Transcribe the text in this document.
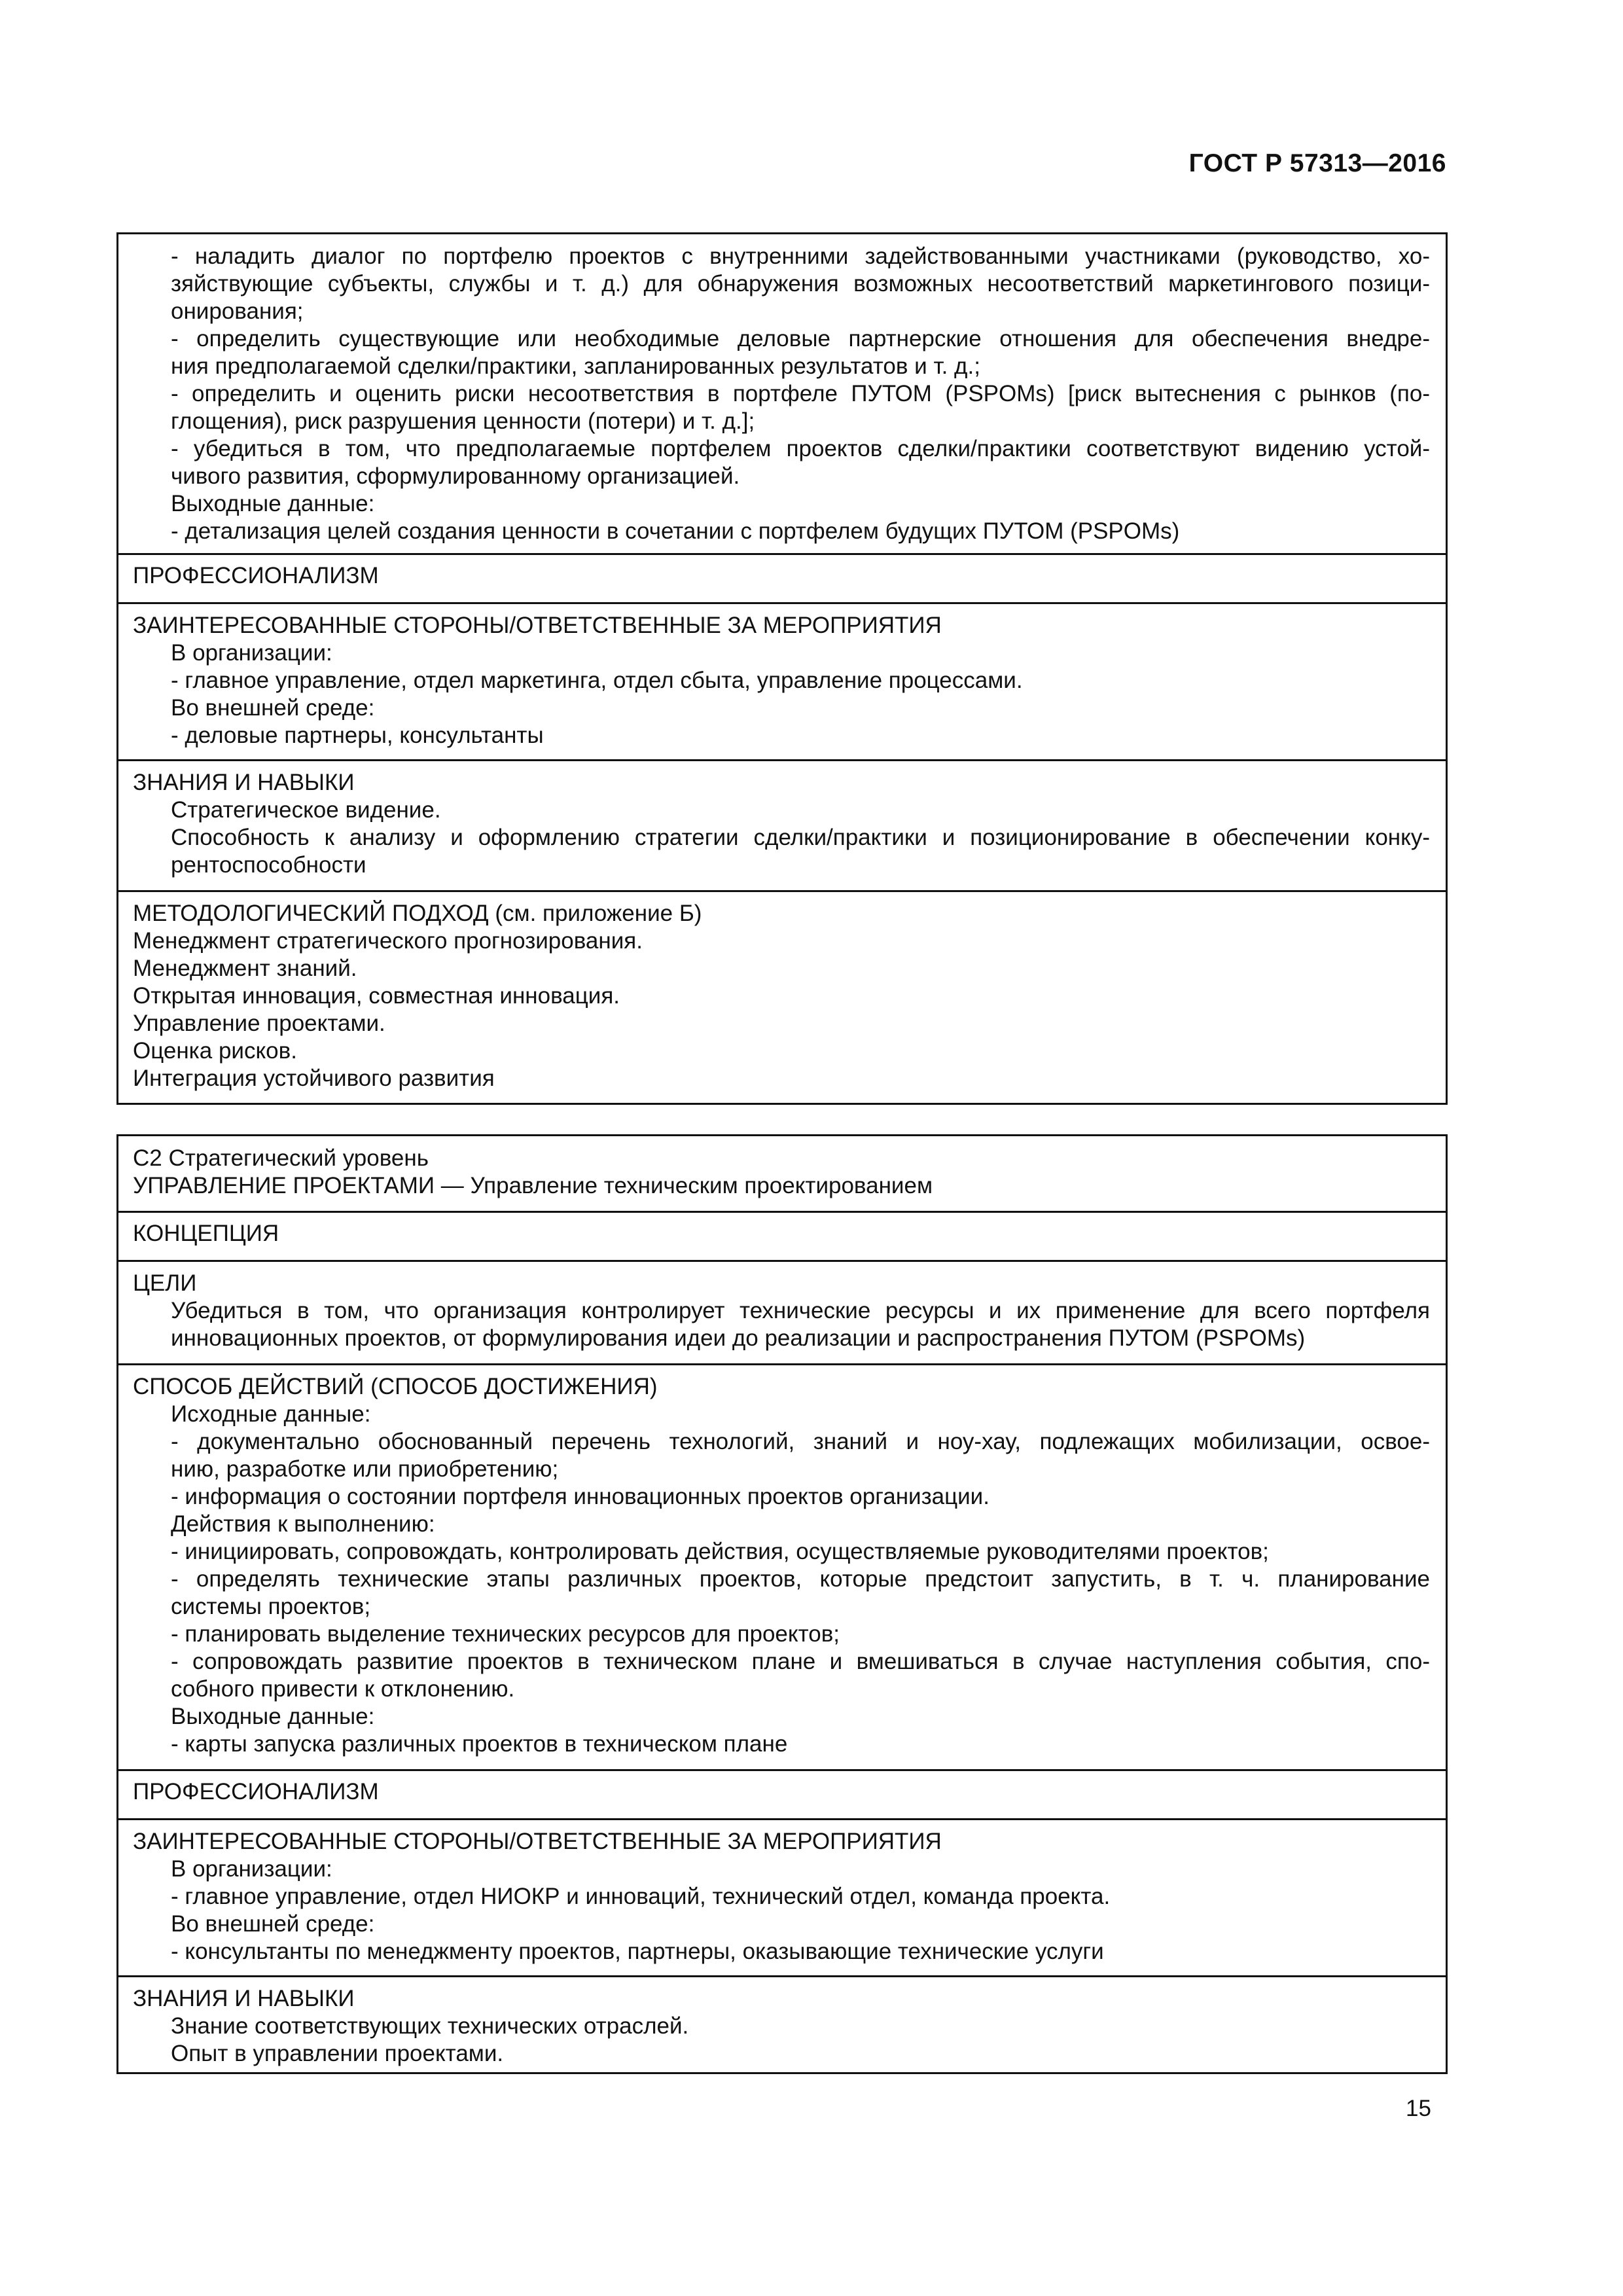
ГОСТ Р 57313—2016
- наладить диалог по портфелю проектов с внутренними задействованными участниками (руководство, хо-
зяйствующие субъекты, службы и т. д.) для обнаружения возможных несоответствий маркетингового позици-
онирования;
- определить существующие или необходимые деловые партнерские отношения для обеспечения внедре-
ния предполагаемой сделки/практики, запланированных результатов и т. д.;
- определить и оценить риски несоответствия в портфеле ПУТОМ (PSPOMs) [риск вытеснения с рынков (по-
глощения), риск разрушения ценности (потери) и т. д.];
- убедиться в том, что предполагаемые портфелем проектов сделки/практики соответствуют видению устой-
чивого развития, сформулированному организацией.
Выходные данные:
- детализация целей создания ценности в сочетании с портфелем будущих ПУТОМ (PSPOMs)
ПРОФЕССИОНАЛИЗМ
ЗАИНТЕРЕСОВАННЫЕ СТОРОНЫ/ОТВЕТСТВЕННЫЕ ЗА МЕРОПРИЯТИЯ
В организации:
- главное управление, отдел маркетинга, отдел сбыта, управление процессами.
Во внешней среде:
- деловые партнеры, консультанты
ЗНАНИЯ И НАВЫКИ
Стратегическое видение.
Способность к анализу и оформлению стратегии сделки/практики и позиционирование в обеспечении конку-
рентоспособности
МЕТОДОЛОГИЧЕСКИЙ ПОДХОД (см. приложение Б)
Менеджмент стратегического прогнозирования.
Менеджмент знаний.
Открытая инновация, совместная инновация.
Управление проектами.
Оценка рисков.
Интеграция устойчивого развития
С2 Стратегический уровень
УПРАВЛЕНИЕ ПРОЕКТАМИ — Управление техническим проектированием
КОНЦЕПЦИЯ
ЦЕЛИ
Убедиться в том, что организация контролирует технические ресурсы и их применение для всего портфеля
инновационных проектов, от формулирования идеи до реализации и распространения ПУТОМ (PSPOMs)
СПОСОБ ДЕЙСТВИЙ (СПОСОБ ДОСТИЖЕНИЯ)
Исходные данные:
- документально обоснованный перечень технологий, знаний и ноу-хау, подлежащих мобилизации, освое-
нию, разработке или приобретению;
- информация о состоянии портфеля инновационных проектов организации.
Действия к выполнению:
- инициировать, сопровождать, контролировать действия, осуществляемые руководителями проектов;
- определять технические этапы различных проектов, которые предстоит запустить, в т. ч. планирование
системы проектов;
- планировать выделение технических ресурсов для проектов;
- сопровождать развитие проектов в техническом плане и вмешиваться в случае наступления события, спо-
собного привести к отклонению.
Выходные данные:
- карты запуска различных проектов в техническом плане
ПРОФЕССИОНАЛИЗМ
ЗАИНТЕРЕСОВАННЫЕ СТОРОНЫ/ОТВЕТСТВЕННЫЕ ЗА МЕРОПРИЯТИЯ
В организации:
- главное управление, отдел НИОКР и инноваций, технический отдел, команда проекта.
Во внешней среде:
- консультанты по менеджменту проектов, партнеры, оказывающие технические услуги
ЗНАНИЯ И НАВЫКИ
Знание соответствующих технических отраслей.
Опыт в управлении проектами.
15
